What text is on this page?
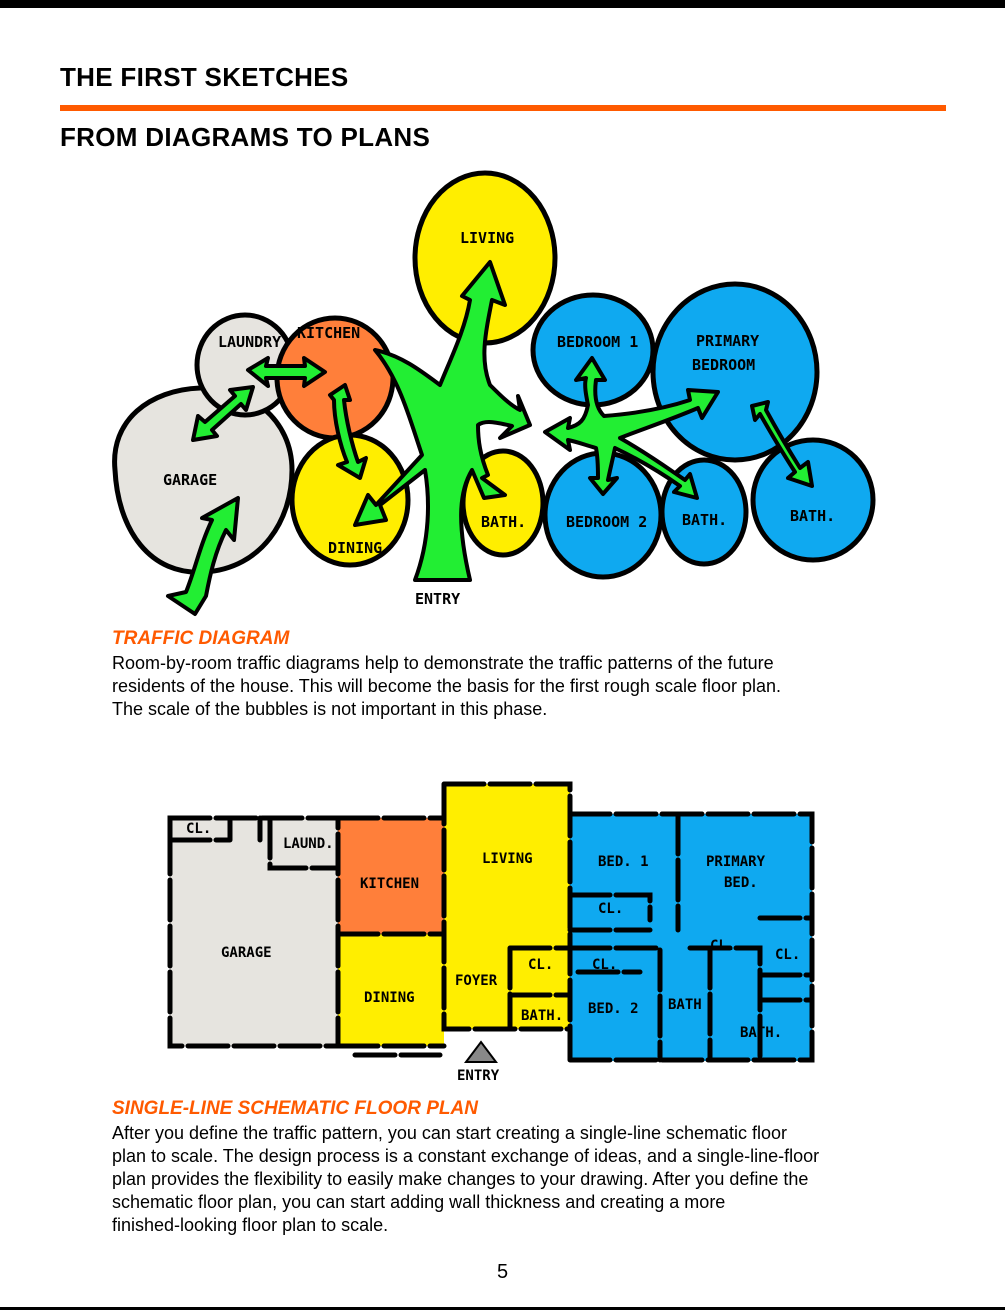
THE FIRST SKETCHES
FROM DIAGRAMS TO PLANS
LIVING
LAUNDRY KITCHEN	BEDROOM 1	PRIMARY
BEDROOM
GARAGE
DINING
BATH.	BEDROOM 2 BATH.	BATH.
ENTRY
TRAFFIC DIAGRAM
Room-by-room traffic diagrams help to demonstrate the traffic patterns of the future
residents of the house. This will become the basis for the first rough scale floor plan.
The scale of the bubbles is not important in this phase.
CL.
LAUND.
KITCHEN
LIVING	BED. 1	PRIMARY
BED.
GARAGE
CL.
CL.
CL.
CL.	CL.
DINING
FOYER
BATH. BED. 2 BATH
BATH.
ENTRY
SINGLE-LINE SCHEMATIC FLOOR PLAN
After you define the traffic pattern, you can start creating a single-line schematic floor
plan to scale. The design process is a constant exchange of ideas, and a single-line-floor
plan provides the flexibility to easily make changes to your drawing. After you define the
schematic floor plan, you can start adding wall thickness and creating a more
finished-looking floor plan to scale.
5
